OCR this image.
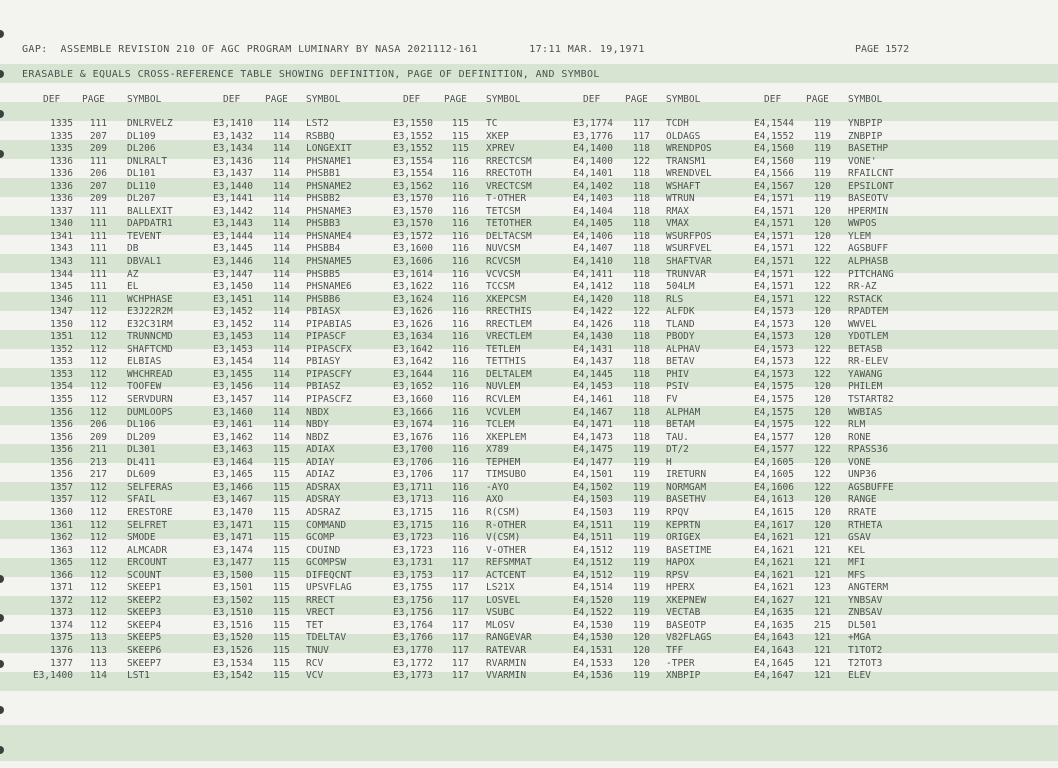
GAP:  ASSEMBLE REVISION 210 OF AGC PROGRAM LUMINARY BY NASA 2021112-161        17:11 MAR. 19,1971	PAGE 1572
ERASABLE & EQUALS CROSS-REFERENCE TABLE SHOWING DEFINITION, PAGE OF DEFINITION, AND SYMBOL
DEF PAGE SYMBOL	DEF	PAGE SYMBOL	DEF	PAGE SYMBOL	DEF	PAGE SYMBOL	DEF	PAGE SYMBOL
1335	111 DNLRVELZ	E3,1410	114 LST2	E3,1550	115 TC	E3,1774	117 TCDH	E4,1544	119 YNBPIP
1335	207 DL109	E3,1432	114 RSBBQ	E3,1552	115 XKEP	E3,1776	117 OLDAGS	E4,1552	119 ZNBPIP
1335	209 DL206	E3,1434	114 LONGEXIT	E3,1552	115 XPREV	E4,1400	118 WRENDPOS	E4,1560	119 BASETHP
1336	111 DNLRALT	E3,1436	114 PHSNAME1	E3,1554	116 RRECTCSM	E4,1400	122 TRANSM1	E4,1560	119 VONE'
1336	206 DL101	E3,1437	114 PHSBB1	E3,1554	116 RRECTOTH	E4,1401	118 WRENDVEL	E4,1566	119 RFAILCNT
1336	207 DL110	E3,1440	114 PHSNAME2	E3,1562	116 VRECTCSM	E4,1402	118 WSHAFT	E4,1567	120 EPSILONT
1336	209 DL207	E3,1441	114 PHSBB2	E3,1570	116 T-OTHER	E4,1403	118 WTRUN	E4,1571	119 BASEOTV
1337	111 BALLEXIT	E3,1442	114 PHSNAME3	E3,1570	116 TETCSM	E4,1404	118 RMAX	E4,1571	120 HPERMIN
1340	111 DAPDATR1	E3,1443	114 PHSBB3	E3,1570	116 TETOTHER	E4,1405	118 VMAX	E4,1571	120 WWPOS
1341	111 TEVENT	E3,1444	114 PHSNAME4	E3,1572	116 DELTACSM	E4,1406	118 WSURFPOS	E4,1571	120 YLEM
1343	111 DB	E3,1445	114 PHSBB4	E3,1600	116 NUVCSM	E4,1407	118 WSURFVEL	E4,1571	122 AGSBUFF
1343	111 DBVAL1	E3,1446	114 PHSNAME5	E3,1606	116 RCVCSM	E4,1410	118 SHAFTVAR	E4,1571	122 ALPHASB
1344	111 AZ	E3,1447	114 PHSBB5	E3,1614	116 VCVCSM	E4,1411	118 TRUNVAR	E4,1571	122 PITCHANG
1345	111 EL	E3,1450	114 PHSNAME6	E3,1622	116 TCCSM	E4,1412	118 504LM	E4,1571	122 RR-AZ
1346	111 WCHPHASE	E3,1451	114 PHSBB6	E3,1624	116 XKEPCSM	E4,1420	118 RLS	E4,1571	122 RSTACK
1347	112 E3J22R2M	E3,1452	114 PBIASX	E3,1626	116 RRECTHIS	E4,1422	122 ALFDK	E4,1573	120 RPADTEM
1350	112 E32C31RM	E3,1452	114 PIPABIAS	E3,1626	116 RRECTLEM	E4,1426	118 TLAND	E4,1573	120 WWVEL
1351	112 TRUNNCMD	E3,1453	114 PIPASCF	E3,1634	116 VRECTLEM	E4,1430	118 PBODY	E4,1573	120 YDOTLEM
1352	112 SHAFTCMD	E3,1453	114 PIPASCFX	E3,1642	116 TETLEM	E4,1431	118 ALPHAV	E4,1573	122 BETASB
1353	112 ELBIAS	E3,1454	114 PBIASY	E3,1642	116 TETTHIS	E4,1437	118 BETAV	E4,1573	122 RR-ELEV
1353	112 WHCHREAD	E3,1455	114 PIPASCFY	E3,1644	116 DELTALEM	E4,1445	118 PHIV	E4,1573	122 YAWANG
1354	112 TOOFEW	E3,1456	114 PBIASZ	E3,1652	116 NUVLEM	E4,1453	118 PSIV	E4,1575	120 PHILEM
1355	112 SERVDURN	E3,1457	114 PIPASCFZ	E3,1660	116 RCVLEM	E4,1461	118 FV	E4,1575	120 TSTART82
1356	112 DUMLOOPS	E3,1460	114 NBDX	E3,1666	116 VCVLEM	E4,1467	118 ALPHAM	E4,1575	120 WWBIAS
1356	206 DL106	E3,1461	114 NBDY	E3,1674	116 TCLEM	E4,1471	118 BETAM	E4,1575	122 RLM
1356	209 DL209	E3,1462	114 NBDZ	E3,1676	116 XKEPLEM	E4,1473	118 TAU.	E4,1577	120 RONE
1356	211 DL301	E3,1463	115 ADIAX	E3,1700	116 X789	E4,1475	119 DT/2	E4,1577	122 RPASS36
1356	213 DL411	E3,1464	115 ADIAY	E3,1706	116 TEPHEM	E4,1477	119 H	E4,1605	120 VONE
1356	217 DL609	E3,1465	115 ADIAZ	E3,1706	117 TIMSUBO	E4,1501	119 IRETURN	E4,1605	122 UNP36
1357	112 SELFERAS	E3,1466	115 ADSRAX	E3,1711	116 -AYO	E4,1502	119 NORMGAM	E4,1606	122 AGSBUFFE
1357	112 SFAIL	E3,1467	115 ADSRAY	E3,1713	116 AXO	E4,1503	119 BASETHV	E4,1613	120 RANGE
1360	112 ERESTORE	E3,1470	115 ADSRAZ	E3,1715	116 R(CSM)	E4,1503	119 RPQV	E4,1615	120 RRATE
1361	112 SELFRET	E3,1471	115 COMMAND	E3,1715	116 R-OTHER	E4,1511	119 KEPRTN	E4,1617	120 RTHETA
1362	112 SMODE	E3,1471	115 GCOMP	E3,1723	116 V(CSM)	E4,1511	119 ORIGEX	E4,1621	121 GSAV
1363	112 ALMCADR	E3,1474	115 CDUIND	E3,1723	116 V-OTHER	E4,1512	119 BASETIME	E4,1621	121 KEL
1365	112 ERCOUNT	E3,1477	115 GCOMPSW	E3,1731	117 REFSMMAT	E4,1512	119 HAPOX	E4,1621	121 MFI
1366	112 SCOUNT	E3,1500	115 DIFEQCNT	E3,1753	117 ACTCENT	E4,1512	119 RPSV	E4,1621	121 MFS
1371	112 SKEEP1	E3,1501	115 UPSVFLAG	E3,1755	117 LS21X	E4,1514	119 HPERX	E4,1621	123 ANGTERM
1372	112 SKEEP2	E3,1502	115 RRECT	E3,1756	117 LOSVEL	E4,1520	119 XKEPNEW	E4,1627	121 YNBSAV
1373	112 SKEEP3	E3,1510	115 VRECT	E3,1756	117 VSUBC	E4,1522	119 VECTAB	E4,1635	121 ZNBSAV
1374	112 SKEEP4	E3,1516	115 TET	E3,1764	117 MLOSV	E4,1530	119 BASEOTP	E4,1635	215 DL501
1375	113 SKEEP5	E3,1520	115 TDELTAV	E3,1766	117 RANGEVAR	E4,1530	120 V82FLAGS	E4,1643	121 +MGA
1376	113 SKEEP6	E3,1526	115 TNUV	E3,1770	117 RATEVAR	E4,1531	120 TFF	E4,1643	121 T1TOT2
1377	113 SKEEP7	E3,1534	115 RCV	E3,1772	117 RVARMIN	E4,1533	120 -TPER	E4,1645	121 T2TOT3
E3,1400	114 LST1	E3,1542	115 VCV	E3,1773	117 VVARMIN	E4,1536	119 XNBPIP	E4,1647	121 ELEV
